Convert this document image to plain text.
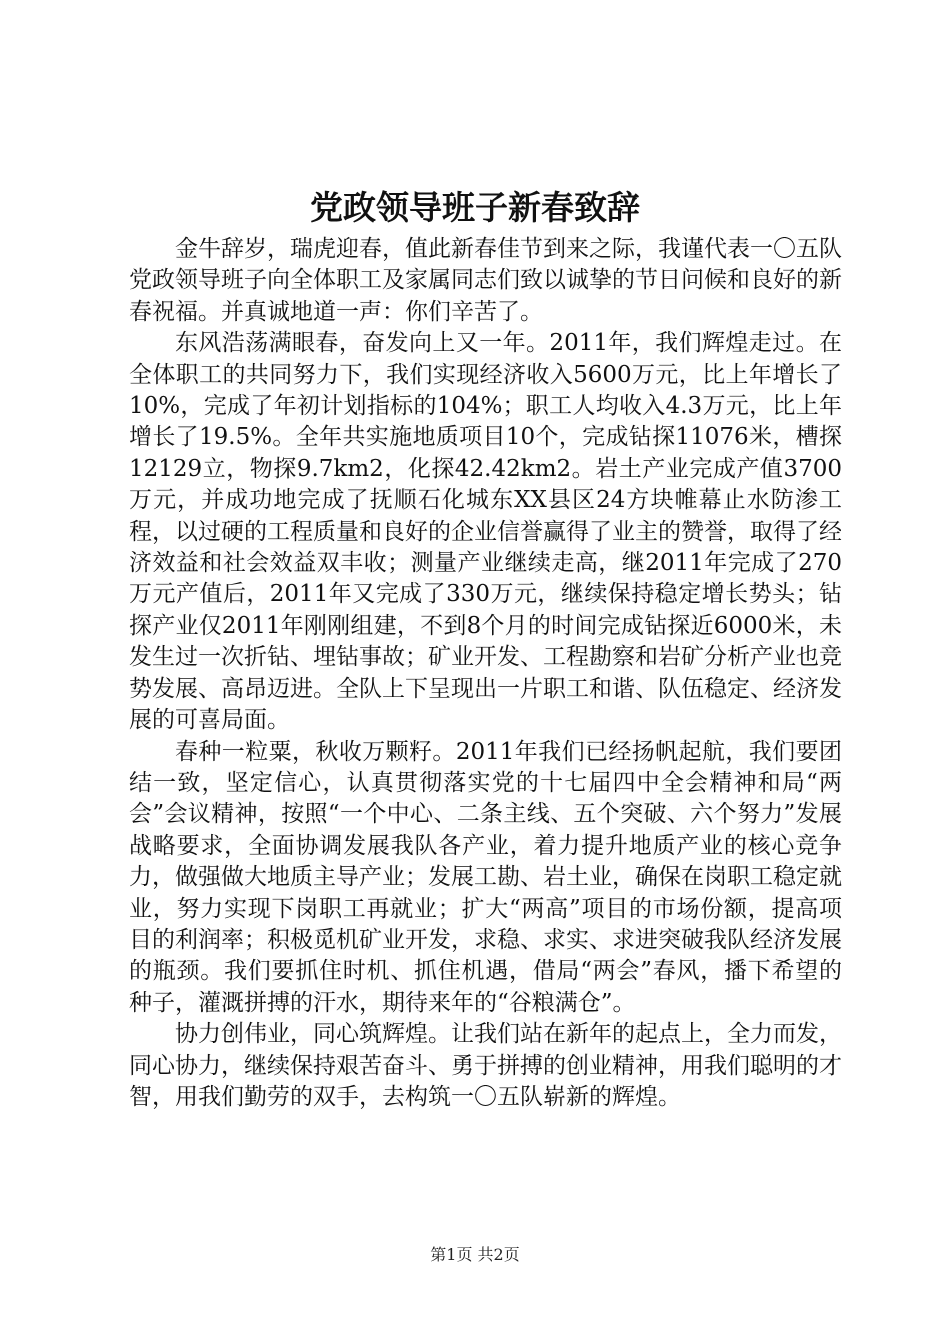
党政领导班子新春致辞

金牛辞岁，瑞虎迎春，值此新春佳节到来之际，我谨代表一〇五队党政领导班子向全体职工及家属同志们致以诚挚的节日问候和良好的新春祝福。并真诚地道一声：你们辛苦了。

东风浩荡满眼春，奋发向上又一年。2011年，我们辉煌走过。在全体职工的共同努力下，我们实现经济收入5600万元，比上年增长了10%，完成了年初计划指标的104%；职工人均收入4.3万元，比上年增长了19.5%。全年共实施地质项目10个，完成钻探11076米，槽探12129立，物探9.7km2，化探42.42km2。岩土产业完成产值3700万元，并成功地完成了抚顺石化城东XX县区24方块帷幕止水防渗工程，以过硬的工程质量和良好的企业信誉赢得了业主的赞誉，取得了经济效益和社会效益双丰收；测量产业继续走高，继2011年完成了270万元产值后，2011年又完成了330万元，继续保持稳定增长势头；钻探产业仅2011年刚刚组建，不到8个月的时间完成钻探近6000米，未发生过一次折钻、埋钻事故；矿业开发、工程勘察和岩矿分析产业也竞势发展、高昂迈进。全队上下呈现出一片职工和谐、队伍稳定、经济发展的可喜局面。

春种一粒粟，秋收万颗籽。2011年我们已经扬帆起航，我们要团结一致，坚定信心，认真贯彻落实党的十七届四中全会精神和局“两会”会议精神，按照“一个中心、二条主线、五个突破、六个努力”发展战略要求，全面协调发展我队各产业，着力提升地质产业的核心竞争力，做强做大地质主导产业；发展工勘、岩土业，确保在岗职工稳定就业，努力实现下岗职工再就业；扩大“两高”项目的市场份额，提高项目的利润率；积极觅机矿业开发，求稳、求实、求进突破我队经济发展的瓶颈。我们要抓住时机、抓住机遇，借局“两会”春风，播下希望的种子，灌溉拼搏的汗水，期待来年的“谷粮满仓”。

协力创伟业，同心筑辉煌。让我们站在新年的起点上，全力而发，同心协力，继续保持艰苦奋斗、勇于拼搏的创业精神，用我们聪明的才智，用我们勤劳的双手，去构筑一〇五队崭新的辉煌。

第1页 共2页
